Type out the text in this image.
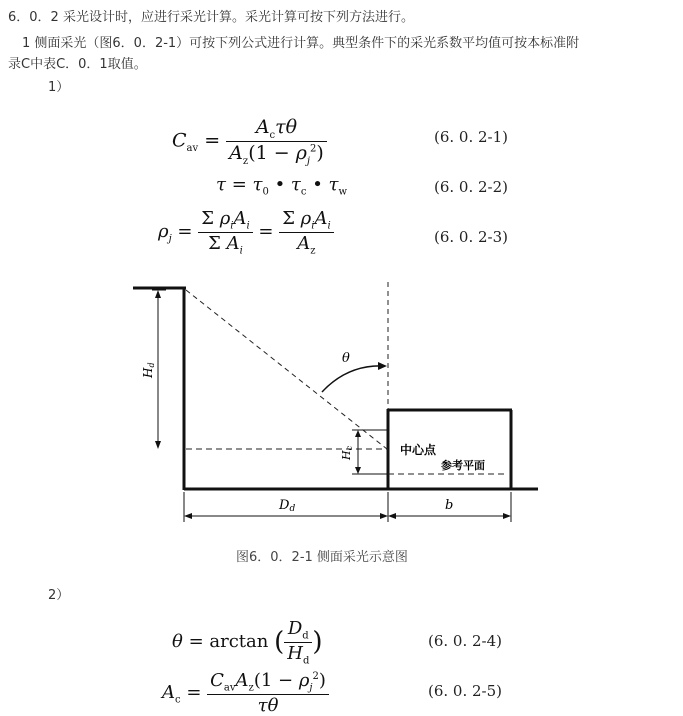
6．0．2 采光设计时，应进行采光计算。采光计算可按下列方法进行。
1 侧面采光（图6．0．2-1）可按下列公式进行计算。典型条件下的采光系数平均值可按本标准附
录C中表C．0．1取值。
1）
$C_{av} = \frac{A_c\tau\theta}{A_z(1 - \rho_j^2)}$	(6. 0. 2-1)
$\tau = \tau_0$ • $\tau_c$ • $\tau_w$	(6. 0. 2-2)
$\rho_j = \frac{\Sigma \rho_iA_i}{\Sigma A_i} = \frac{\Sigma \rho_iA_i}{A_z}$	(6. 0. 2-3)
θ
Hd
Hc	中心点
参考平面
Dd	b
图6．0．2-1 侧面采光示意图
2）
θ = arctan ( $\frac{D_d}{H_d}$ )	(6. 0. 2-4)
$A_c = \frac{C_{av}A_z(1 - \rho_j^2)}{\tau\theta}$	(6. 0. 2-5)
